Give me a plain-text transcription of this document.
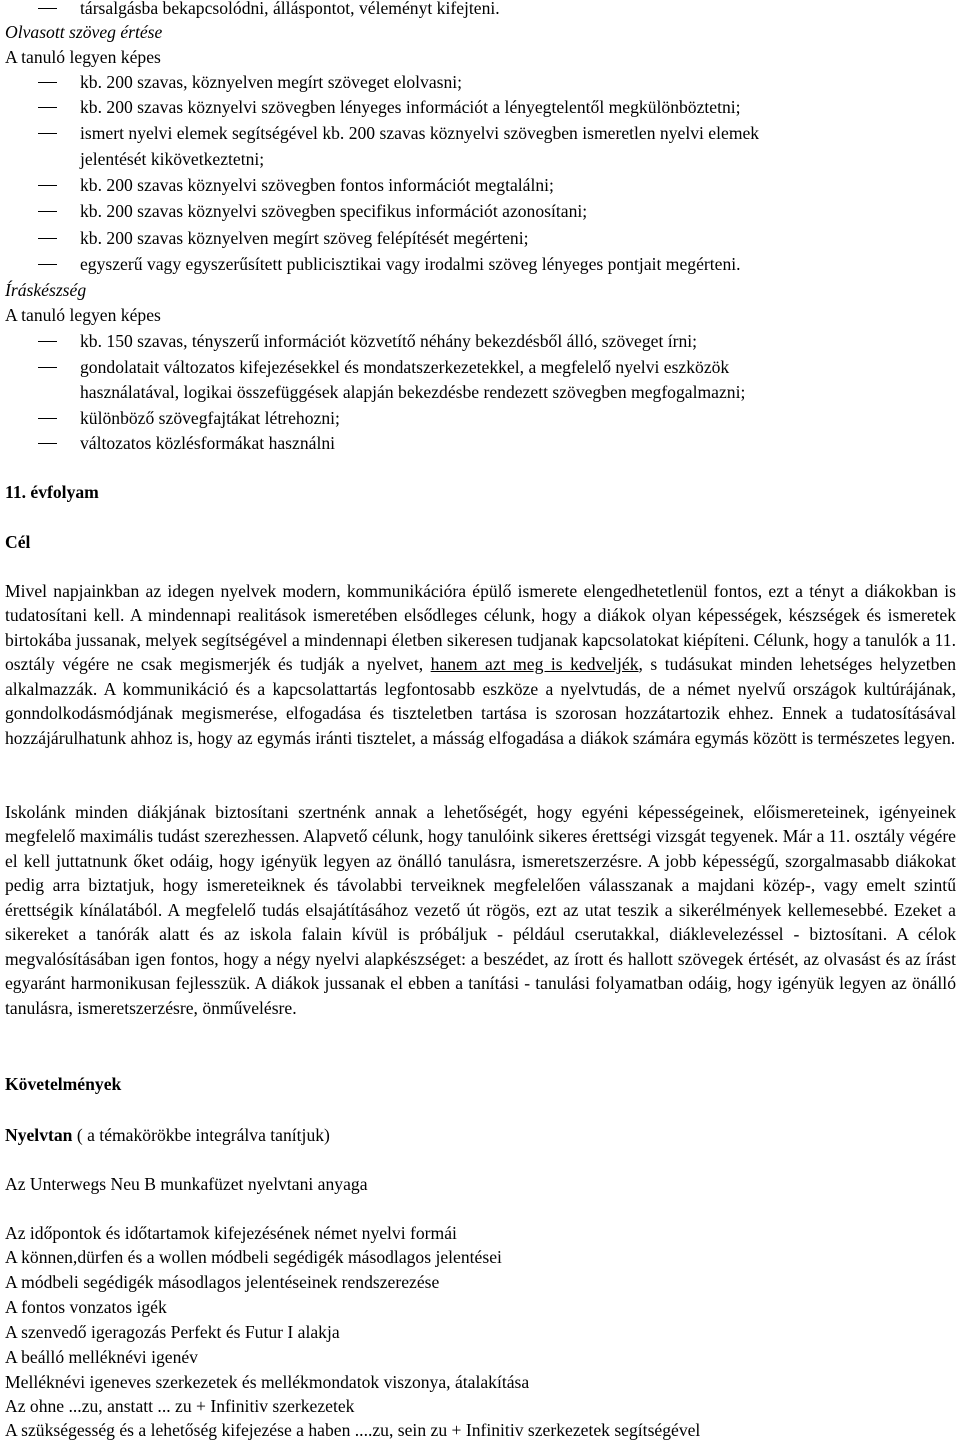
társalgásba bekapcsolódni, álláspontot, véleményt kifejteni.
Olvasott szöveg értése
A tanuló legyen képes
kb. 200 szavas, köznyelven megírt szöveget elolvasni;
kb. 200 szavas köznyelvi szövegben lényeges információt a lényegtelentől megkülönböztetni;
ismert nyelvi elemek segítségével kb. 200 szavas köznyelvi szövegben ismeretlen nyelvi elemek
jelentését kikövetkeztetni;
kb. 200 szavas köznyelvi szövegben fontos információt megtalálni;
kb. 200 szavas köznyelvi szövegben specifikus információt azonosítani;
kb. 200 szavas köznyelven megírt szöveg felépítését megérteni;
egyszerű vagy egyszerűsített publicisztikai vagy irodalmi szöveg lényeges pontjait megérteni.
Íráskészség
A tanuló legyen képes
kb. 150 szavas, tényszerű információt közvetítő néhány bekezdésből álló, szöveget írni;
gondolatait változatos kifejezésekkel és mondatszerkezetekkel, a megfelelő nyelvi eszközök
használatával, logikai összefüggések alapján bekezdésbe rendezett szövegben megfogalmazni;
különböző szövegfajtákat létrehozni;
változatos közlésformákat használni
11. évfolyam
Cél

Mivel napjainkban az idegen nyelvek modern, kommunikációra épülő ismerete elengedhetetlenül fontos, ezt a tényt a diákokban is tudatosítani kell. A mindennapi realitások ismeretében elsődleges célunk, hogy a diákok olyan képességek, készségek és ismeretek birtokába jussanak, melyek segítségével a mindennapi életben sikeresen tudjanak kapcsolatokat kiépíteni. Célunk, hogy a tanulók a 11. osztály végére ne csak megismerjék és tudják a nyelvet, hanem azt meg is kedveljék, s tudásukat minden lehetséges helyzetben alkalmazzák. A kommunikáció és a kapcsolattartás legfontosabb eszköze a nyelvtudás, de a német nyelvű országok kultúrájának, gonndolkodásmódjának megismerése, elfogadása és tiszteletben tartása is szorosan hozzátartozik ehhez. Ennek a tudatosításával hozzájárulhatunk ahhoz is, hogy az egymás iránti tisztelet, a másság elfogadása a diákok számára egymás között is természetes legyen.

Iskolánk minden diákjának biztosítani szertnénk annak a lehetőségét, hogy egyéni képességeinek, előismereteinek, igényeinek megfelelő maximális tudást szerezhessen. Alapvető célunk, hogy tanulóink sikeres érettségi vizsgát tegyenek. Már a 11. osztály végére el kell juttatnunk őket odáig, hogy igényük legyen az önálló tanulásra, ismeretszerzésre. A jobb képességű, szorgalmasabb diákokat pedig arra biztatjuk, hogy ismereteiknek és távolabbi terveiknek megfelelően válasszanak a majdani közép-, vagy emelt szintű érettségik kínálatából. A megfelelő tudás elsajátításához vezető út rögös, ezt az utat teszik a sikerélmények kellemesebbé. Ezeket a sikereket a tanórák alatt és az iskola falain kívül is próbáljuk - például cserutakkal, diáklevelezéssel - biztosítani. A célok megvalósításában igen fontos, hogy a négy nyelvi alapkészséget: a beszédet, az írott és hallott szövegek értését, az olvasást és az írást egyaránt harmonikusan fejlesszük. A diákok jussanak el ebben a tanítási - tanulási folyamatban odáig, hogy igényük legyen az önálló tanulásra, ismeretszerzésre, önművelésre.

Követelmények
Nyelvtan ( a témakörökbe integrálva tanítjuk)
Az Unterwegs Neu B munkafüzet nyelvtani anyaga
Az időpontok és időtartamok kifejezésének német nyelvi formái
A können,dürfen és a wollen módbeli segédigék másodlagos jelentései
A módbeli segédigék másodlagos jelentéseinek rendszerezése
A fontos vonzatos igék
A szenvedő igeragozás Perfekt és Futur I alakja
A beálló melléknévi igenév
Melléknévi igeneves szerkezetek és mellékmondatok viszonya, átalakítása
Az ohne ...zu, anstatt ... zu + Infinitiv szerkezetek
A szükségesség és a lehetőség kifejezése a haben ....zu, sein zu + Infinitiv szerkezetek segítségével
